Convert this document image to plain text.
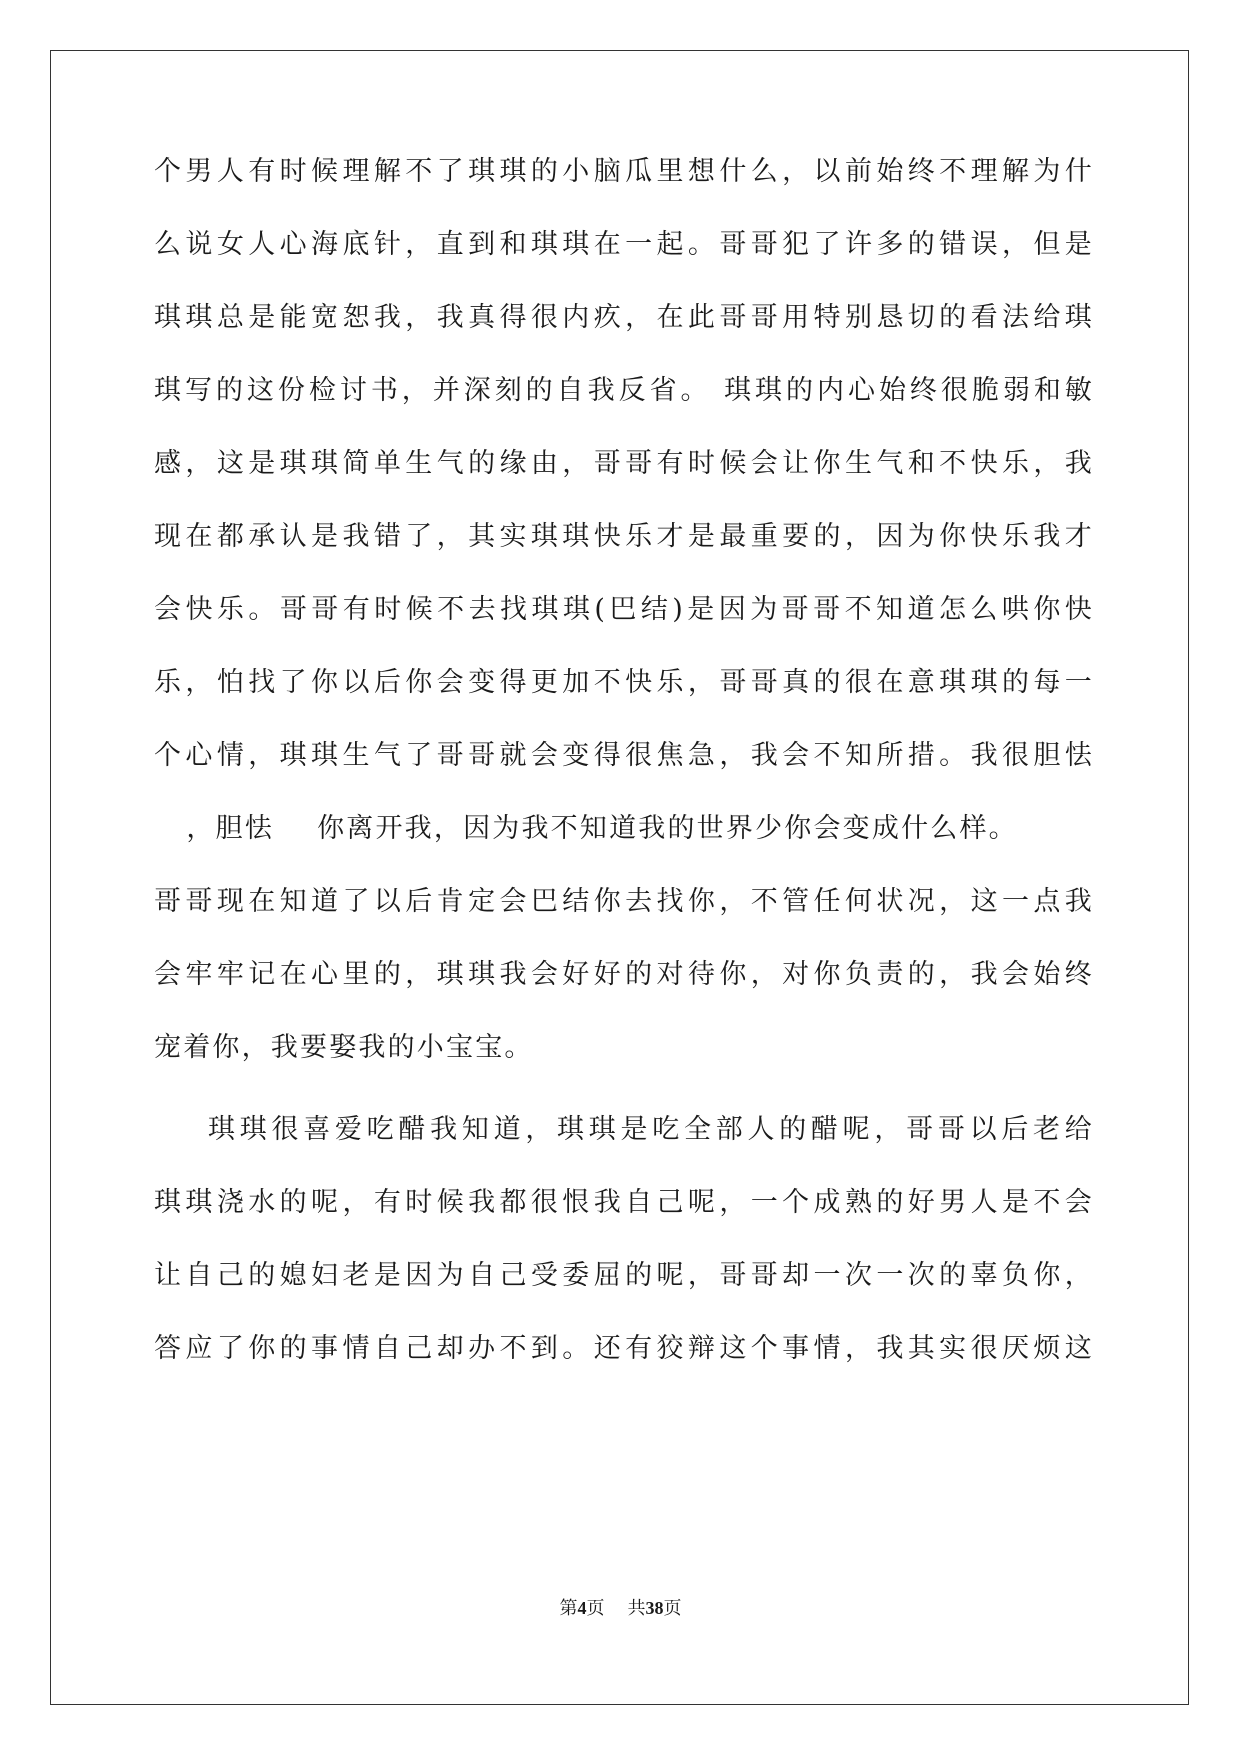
个男人有时候理解不了琪琪的小脑瓜里想什么，以前始终不理解为什
么说女人心海底针，直到和琪琪在一起。哥哥犯了许多的错误，但是
琪琪总是能宽恕我，我真得很内疚，在此哥哥用特别恳切的看法给琪
琪写的这份检讨书，并深刻的自我反省。 琪琪的内心始终很脆弱和敏
感，这是琪琪简单生气的缘由，哥哥有时候会让你生气和不快乐，我
现在都承认是我错了，其实琪琪快乐才是最重要的，因为你快乐我才
会快乐。哥哥有时候不去找琪琪(巴结)是因为哥哥不知道怎么哄你快
乐，怕找了你以后你会变得更加不快乐，哥哥真的很在意琪琪的每一
个心情，琪琪生气了哥哥就会变得很焦急，我会不知所措。我很胆怯
，胆怯    你离开我，因为我不知道我的世界少你会变成什么样。
哥哥现在知道了以后肯定会巴结你去找你，不管任何状况，这一点我
会牢牢记在心里的，琪琪我会好好的对待你，对你负责的，我会始终
宠着你，我要娶我的小宝宝。
琪琪很喜爱吃醋我知道，琪琪是吃全部人的醋呢，哥哥以后老给
琪琪浇水的呢，有时候我都很恨我自己呢，一个成熟的好男人是不会
让自己的媳妇老是因为自己受委屈的呢，哥哥却一次一次的辜负你，
答应了你的事情自己却办不到。还有狡辩这个事情，我其实很厌烦这
第4页 共38页
